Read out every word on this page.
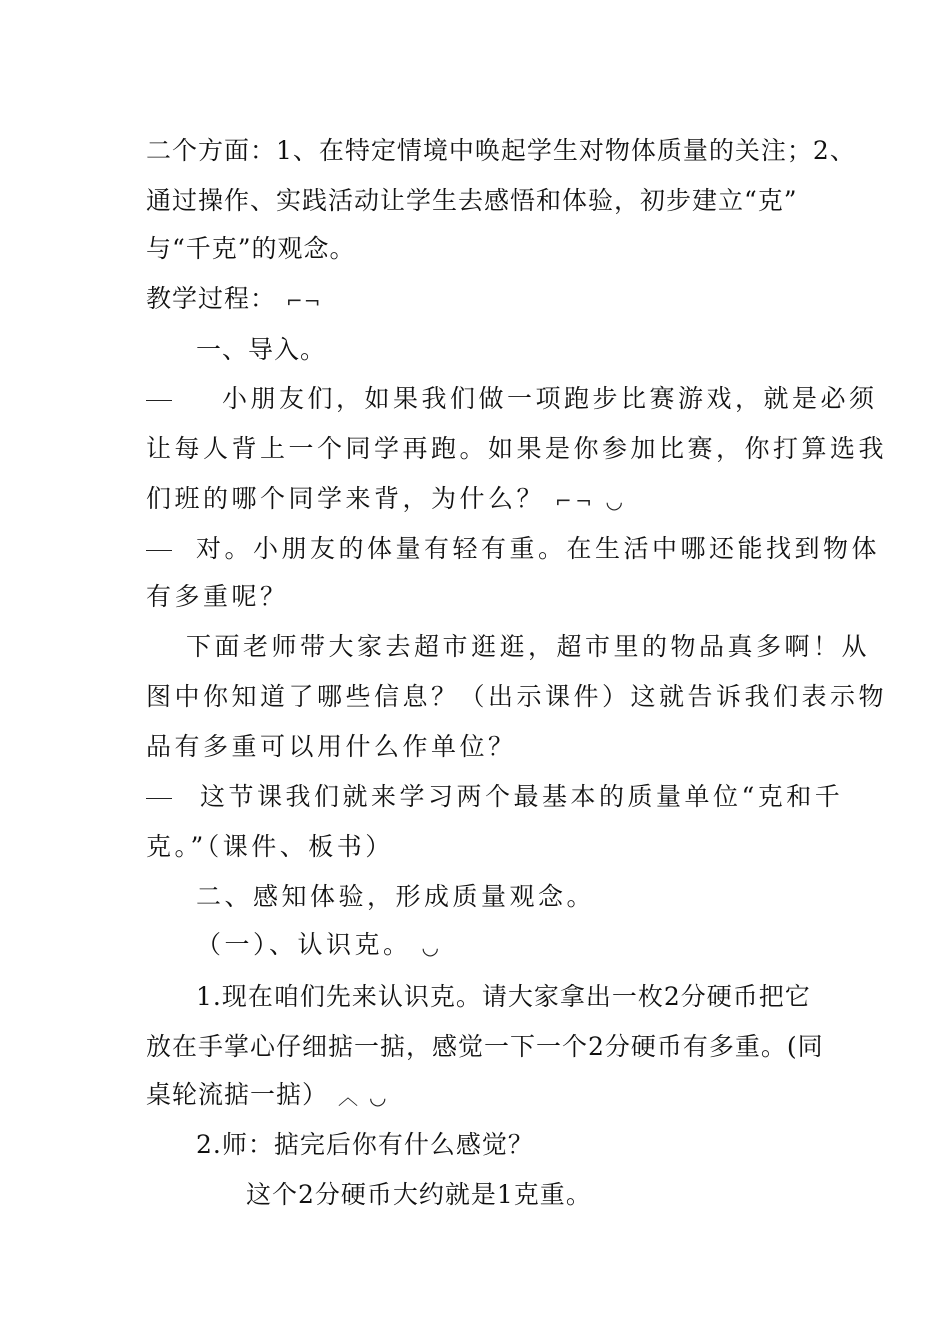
二个方面：1、在特定情境中唤起学生对物体质量的关注；2、
通过操作、实践活动让学生去感悟和体验，初步建立“克”
与“千克”的观念。
教学过程： ⌐¬
一、导入。
小朋友们，如果我们做一项跑步比赛游戏，就是必须
让每人背上一个同学再跑。如果是你参加比赛，你打算选我
们班的哪个同学来背，为什么？ ⌐¬ ◡
对。小朋友的体量有轻有重。在生活中哪还能找到物体
有多重呢？
下面老师带大家去超市逛逛，超市里的物品真多啊！从
图中你知道了哪些信息？（出示课件）这就告诉我们表示物
品有多重可以用什么作单位？
这节课我们就来学习两个最基本的质量单位“克和千
克。”（课件、板书）
二、感知体验，形成质量观念。
（一）、认识克。 ◡
1.现在咱们先来认识克。请大家拿出一枚2分硬币把它
放在手掌心仔细掂一掂，感觉一下一个2分硬币有多重。(同
桌轮流掂一掂） ︿ ◡
2.师：掂完后你有什么感觉？
这个2分硬币大约就是1克重。
